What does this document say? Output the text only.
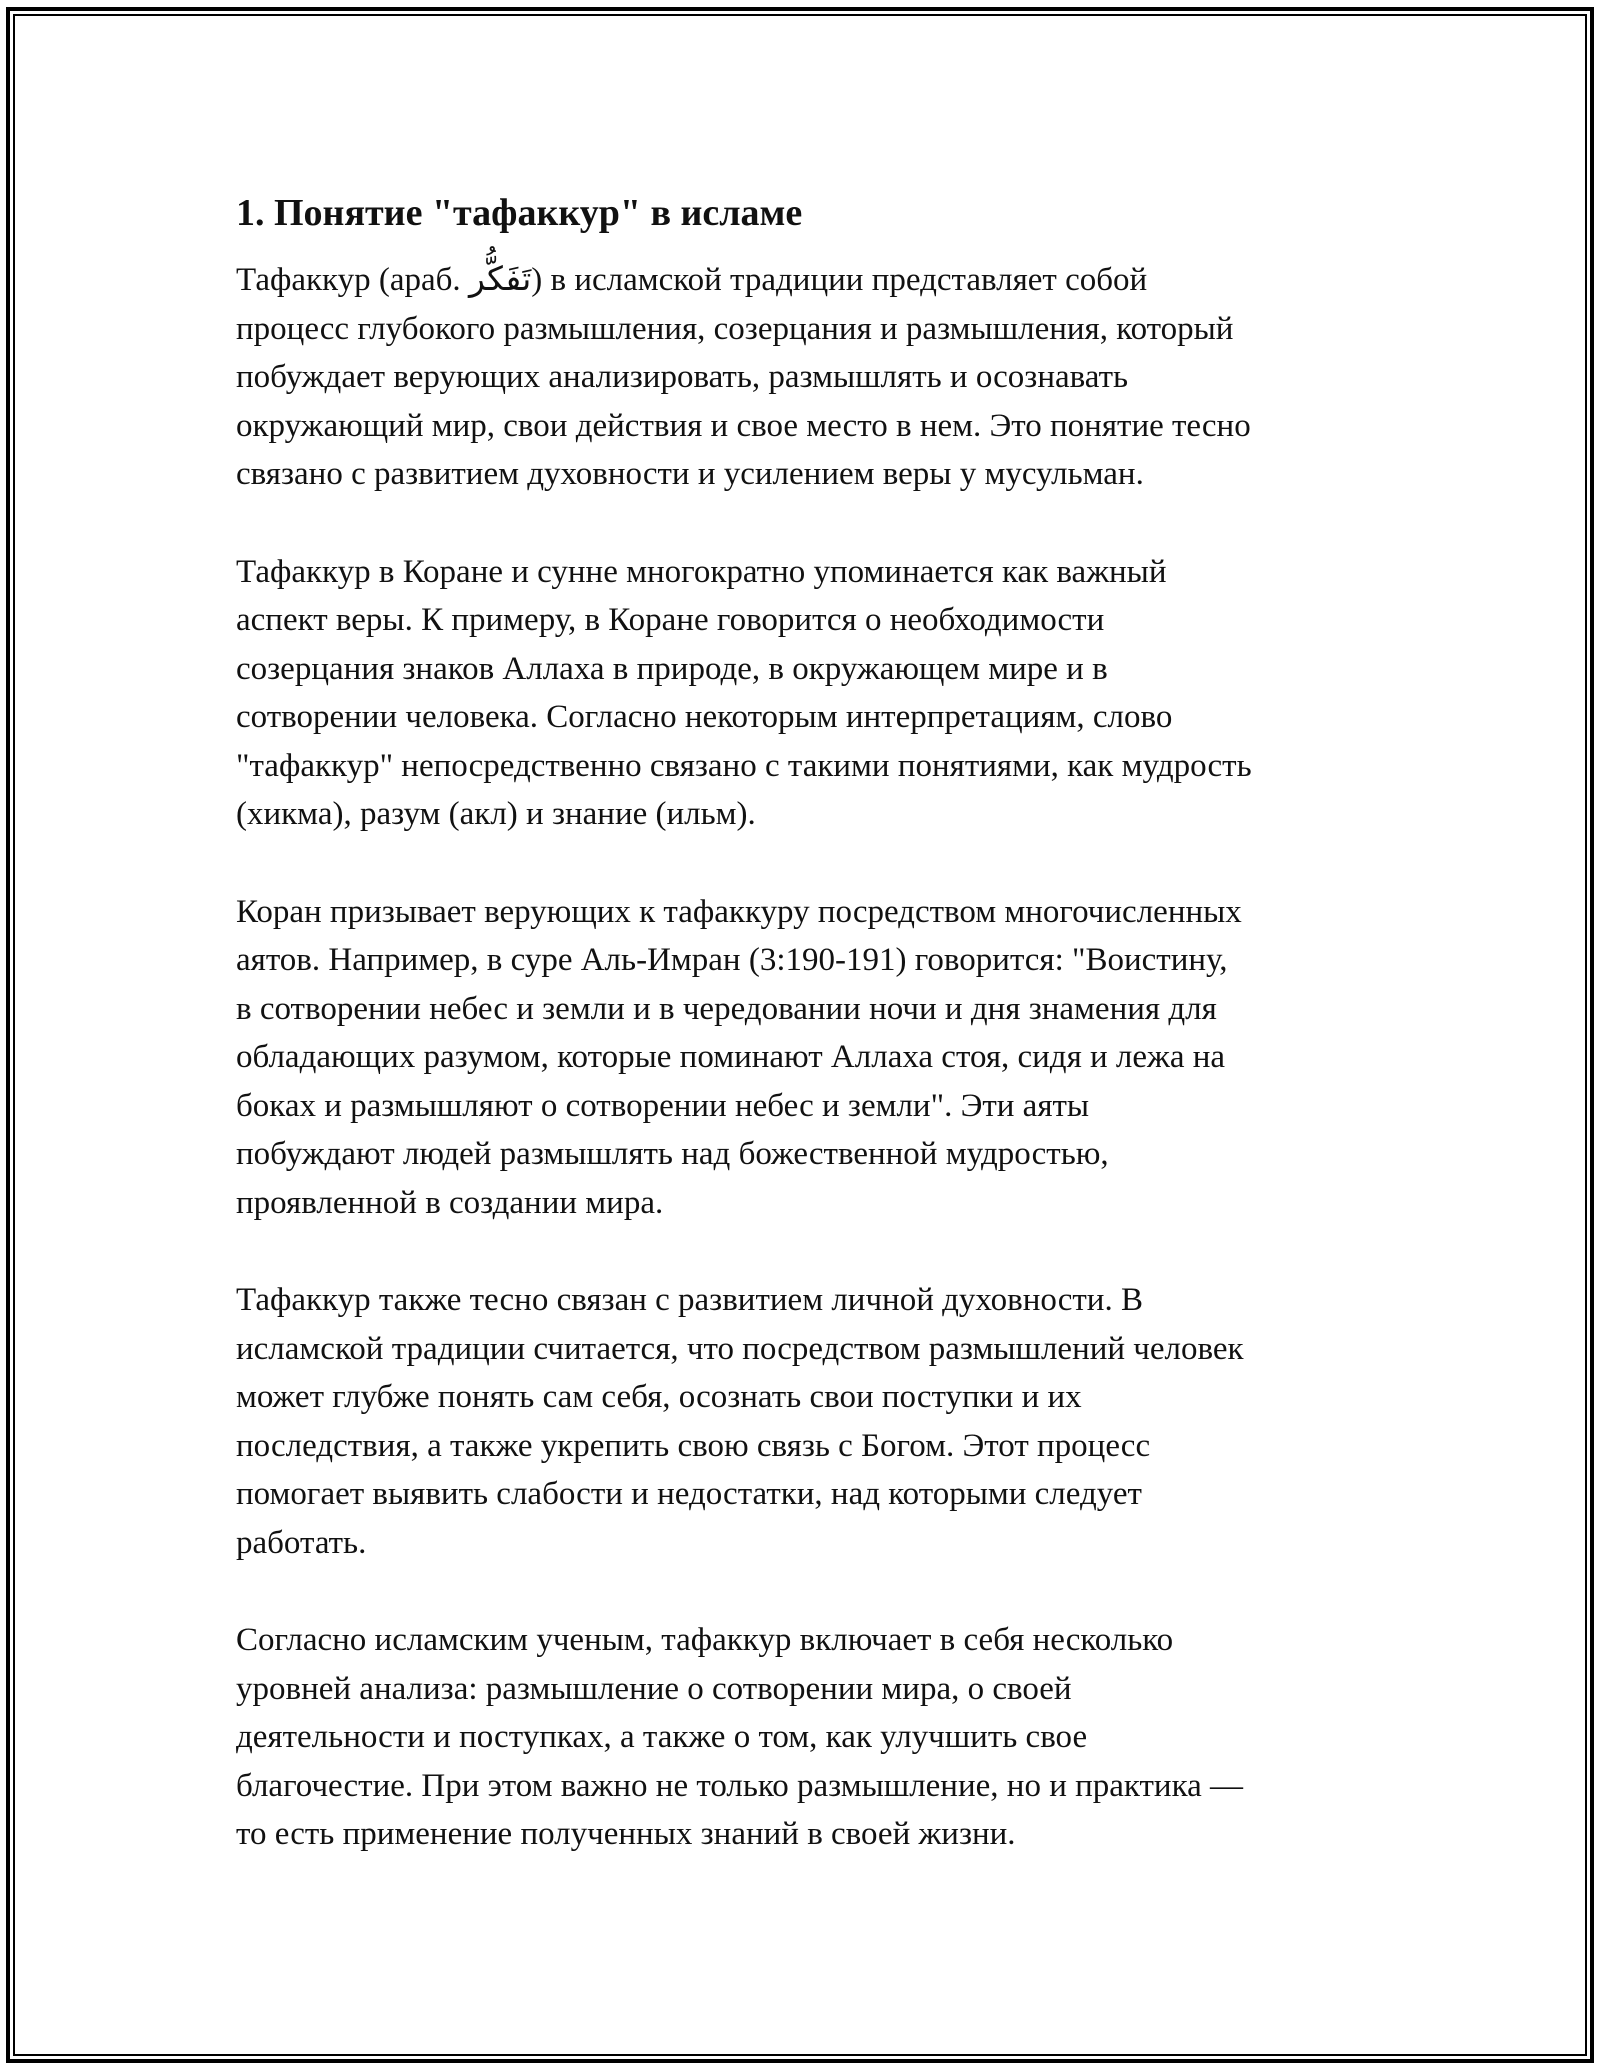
1. Понятие "тафаккур" в исламе

Тафаккур (араб. تَفَكُّر) в исламской традиции представляет собой
процесс глубокого размышления, созерцания и размышления, который
побуждает верующих анализировать, размышлять и осознавать
окружающий мир, свои действия и свое место в нем. Это понятие тесно
связано с развитием духовности и усилением веры у мусульман.

Тафаккур в Коране и сунне многократно упоминается как важный
аспект веры. К примеру, в Коране говорится о необходимости
созерцания знаков Аллаха в природе, в окружающем мире и в
сотворении человека. Согласно некоторым интерпретациям, слово
"тафаккур" непосредственно связано с такими понятиями, как мудрость
(хикма), разум (акл) и знание (ильм).

Коран призывает верующих к тафаккуру посредством многочисленных
аятов. Например, в суре Аль-Имран (3:190-191) говорится: "Воистину,
в сотворении небес и земли и в чередовании ночи и дня знамения для
обладающих разумом, которые поминают Аллаха стоя, сидя и лежа на
боках и размышляют о сотворении небес и земли". Эти аяты
побуждают людей размышлять над божественной мудростью,
проявленной в создании мира.

Тафаккур также тесно связан с развитием личной духовности. В
исламской традиции считается, что посредством размышлений человек
может глубже понять сам себя, осознать свои поступки и их
последствия, а также укрепить свою связь с Богом. Этот процесс
помогает выявить слабости и недостатки, над которыми следует
работать.

Согласно исламским ученым, тафаккур включает в себя несколько
уровней анализа: размышление о сотворении мира, о своей
деятельности и поступках, а также о том, как улучшить свое
благочестие. При этом важно не только размышление, но и практика —
то есть применение полученных знаний в своей жизни.
